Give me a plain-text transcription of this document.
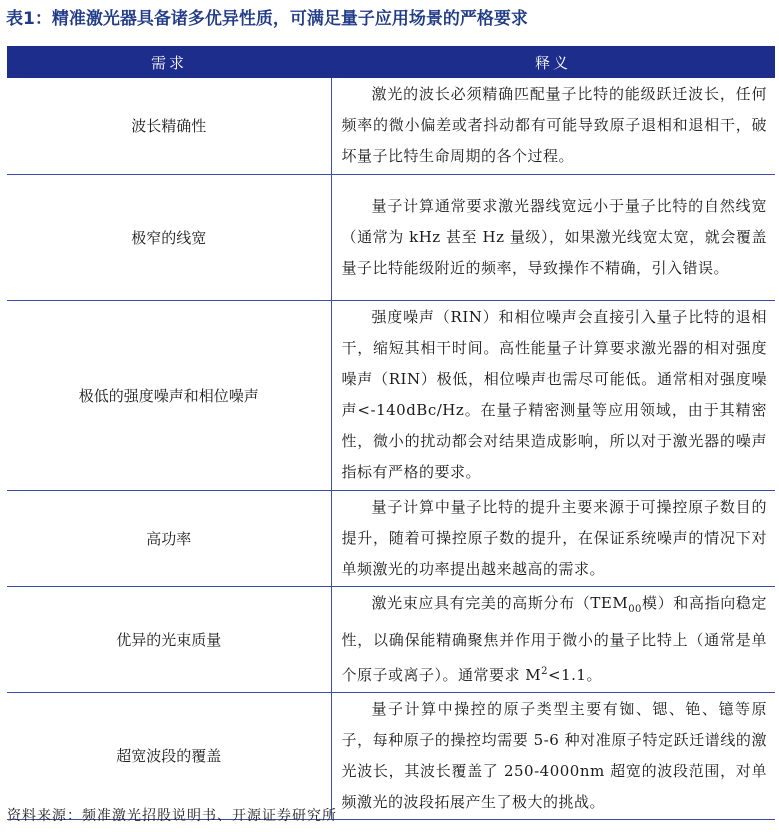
表1：精准激光器具备诸多优异性质，可满足量子应用场景的严格要求
需求	释义
波长精确性	激光的波长必须精确匹配量子比特的能级跃迁波长，任何频率的微小偏差或者抖动都有可能导致原子退相和退相干，破坏量子比特生命周期的各个过程。
极窄的线宽	量子计算通常要求激光器线宽远小于量子比特的自然线宽（通常为 kHz 甚至 Hz 量级），如果激光线宽太宽，就会覆盖量子比特能级附近的频率，导致操作不精确，引入错误。
极低的强度噪声和相位噪声	强度噪声（RIN）和相位噪声会直接引入量子比特的退相干，缩短其相干时间。高性能量子计算要求激光器的相对强度噪声（RIN）极低，相位噪声也需尽可能低。通常相对强度噪声<-140dBc/Hz。在量子精密测量等应用领域，由于其精密性，微小的扰动都会对结果造成影响，所以对于激光器的噪声指标有严格的要求。
高功率	量子计算中量子比特的提升主要来源于可操控原子数目的提升，随着可操控原子数的提升，在保证系统噪声的情况下对单频激光的功率提出越来越高的需求。
优异的光束质量	激光束应具有完美的高斯分布（$TEM_{00}$模）和高指向稳定性，以确保能精确聚焦并作用于微小的量子比特上（通常是单个原子或离子）。通常要求 $M^2<1.1$。
超宽波段的覆盖	量子计算中操控的原子类型主要有铷、锶、铯、镱等原子，每种原子的操控均需要 5-6 种对准原子特定跃迁谱线的激光波长，其波长覆盖了 250-4000nm 超宽的波段范围，对单频激光的波段拓展产生了极大的挑战。
资料来源：频准激光招股说明书、开源证券研究所
